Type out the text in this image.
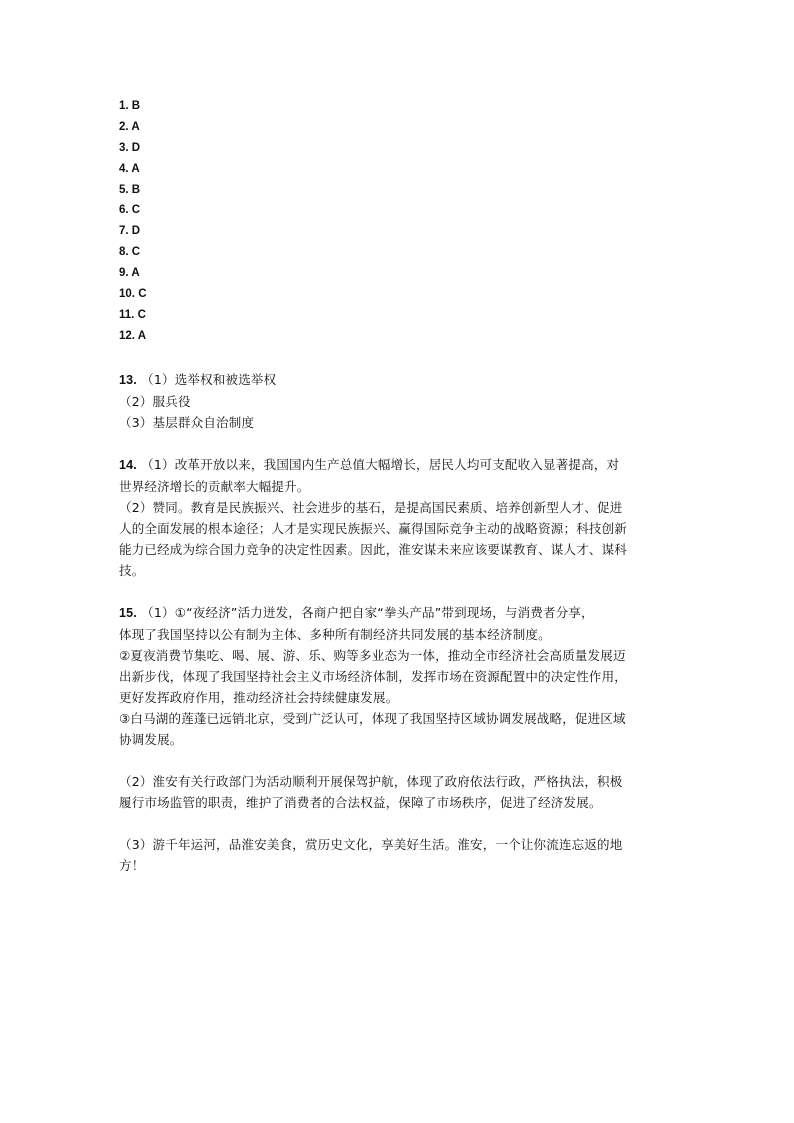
1. B
2. A
3. D
4. A
5. B
6. C
7. D
8. C
9. A
10. C
11. C
12. A

13. （1）选举权和被选举权

（2）服兵役

（3）基层群众自治制度

14. （1）改革开放以来，我国国内生产总值大幅增长，居民人均可支配收入显著提高，对

世界经济增长的贡献率大幅提升。

（2）赞同。教育是民族振兴、社会进步的基石，是提高国民素质、培养创新型人才、促进

人的全面发展的根本途径；人才是实现民族振兴、赢得国际竞争主动的战略资源；科技创新

能力已经成为综合国力竞争的决定性因素。因此，淮安谋未来应该要谋教育、谋人才、谋科

技。

15. （1）①“夜经济”活力迸发，各商户把自家“拳头产品”带到现场，与消费者分享，

体现了我国坚持以公有制为主体、多种所有制经济共同发展的基本经济制度。

②夏夜消费节集吃、喝、展、游、乐、购等多业态为一体，推动全市经济社会高质量发展迈

出新步伐，体现了我国坚持社会主义市场经济体制，发挥市场在资源配置中的决定性作用，

更好发挥政府作用，推动经济社会持续健康发展。

③白马湖的莲蓬已远销北京，受到广泛认可，体现了我国坚持区域协调发展战略，促进区域

协调发展。

（2）淮安有关行政部门为活动顺利开展保驾护航，体现了政府依法行政，严格执法，积极

履行市场监管的职责，维护了消费者的合法权益，保障了市场秩序，促进了经济发展。

（3）游千年运河，品淮安美食，赏历史文化，享美好生活。淮安，一个让你流连忘返的地

方！
